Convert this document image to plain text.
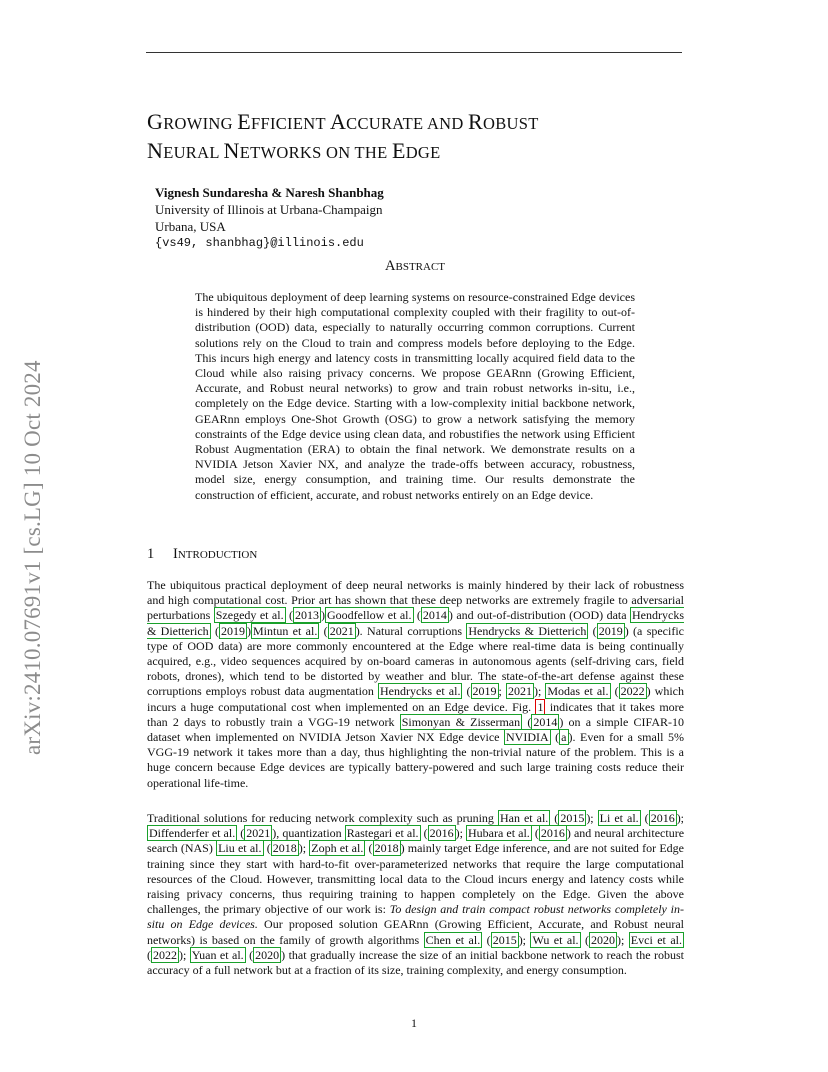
arXiv:2410.07691v1 [cs.LG] 10 Oct 2024
GROWING EFFICIENT ACCURATE AND ROBUST
NEURAL NETWORKS ON THE EDGE
Vignesh Sundaresha & Naresh Shanbhag
University of Illinois at Urbana-Champaign
Urbana, USA
{vs49, shanbhag}@illinois.edu
ABSTRACT
The ubiquitous deployment of deep learning systems on resource-constrained Edge devices is hindered by their high computational complexity coupled with their fragility to out-of-distribution (OOD) data, especially to naturally occurring common corruptions. Current solutions rely on the Cloud to train and compress models before deploying to the Edge. This incurs high energy and latency costs in transmitting locally acquired field data to the Cloud while also raising privacy concerns. We propose GEARnn (Growing Efficient, Accurate, and Robust neural networks) to grow and train robust networks in-situ, i.e., completely on the Edge device. Starting with a low-complexity initial backbone network, GEARnn employs One-Shot Growth (OSG) to grow a network satisfying the memory constraints of the Edge device using clean data, and robustifies the network using Efficient Robust Augmentation (ERA) to obtain the final network. We demonstrate results on a NVIDIA Jetson Xavier NX, and analyze the trade-offs between accuracy, robustness, model size, energy consumption, and training time. Our results demonstrate the construction of efficient, accurate, and robust networks entirely on an Edge device.
1 INTRODUCTION
The ubiquitous practical deployment of deep neural networks is mainly hindered by their lack of robustness and high computational cost. Prior art has shown that these deep networks are extremely fragile to adversarial perturbations Szegedy et al. ( 2013 ) Goodfellow et al. ( 2014 ) and out-of-distribution (OOD) data Hendrycks & Dietterich ( 2019 ) Mintun et al. ( 2021 ). Natural corruptions Hendrycks & Dietterich ( 2019 ) (a specific type of OOD data) are more commonly encountered at the Edge where real-time data is being continually acquired, e.g., video sequences acquired by on-board cameras in autonomous agents (self-driving cars, field robots, drones), which tend to be distorted by weather and blur. The state-of-the-art defense against these corruptions employs robust data augmentation Hendrycks et al. ( 2019 ; 2021 ); Modas et al. ( 2022 ) which incurs a huge computational cost when implemented on an Edge device. Fig. 1 indicates that it takes more than 2 days to robustly train a VGG-19 network Simonyan & Zisserman ( 2014 ) on a simple CIFAR-10 dataset when implemented on NVIDIA Jetson Xavier NX Edge device NVIDIA ( a ). Even for a small 5% VGG-19 network it takes more than a day, thus highlighting the non-trivial nature of the problem. This is a huge concern because Edge devices are typically battery-powered and such large training costs reduce their operational life-time.
Traditional solutions for reducing network complexity such as pruning Han et al. ( 2015 ); Li et al. ( 2016 ); Diffenderfer et al. ( 2021 ), quantization Rastegari et al. ( 2016 ); Hubara et al. ( 2016 ) and neural architecture search (NAS) Liu et al. ( 2018 ); Zoph et al. ( 2018 ) mainly target Edge inference, and are not suited for Edge training since they start with hard-to-fit over-parameterized networks that require the large computational resources of the Cloud. However, transmitting local data to the Cloud incurs energy and latency costs while raising privacy concerns, thus requiring training to happen completely on the Edge. Given the above challenges, the primary objective of our work is: To design and train compact robust networks completely in-situ on Edge devices. Our proposed solution GEARnn (Growing Efficient, Accurate, and Robust neural networks) is based on the family of growth algorithms Chen et al. ( 2015 ); Wu et al. ( 2020 ); Evci et al. ( 2022 ); Yuan et al. ( 2020 ) that gradually increase the size of an initial backbone network to reach the robust accuracy of a full network but at a fraction of its size, training complexity, and energy consumption.
1
